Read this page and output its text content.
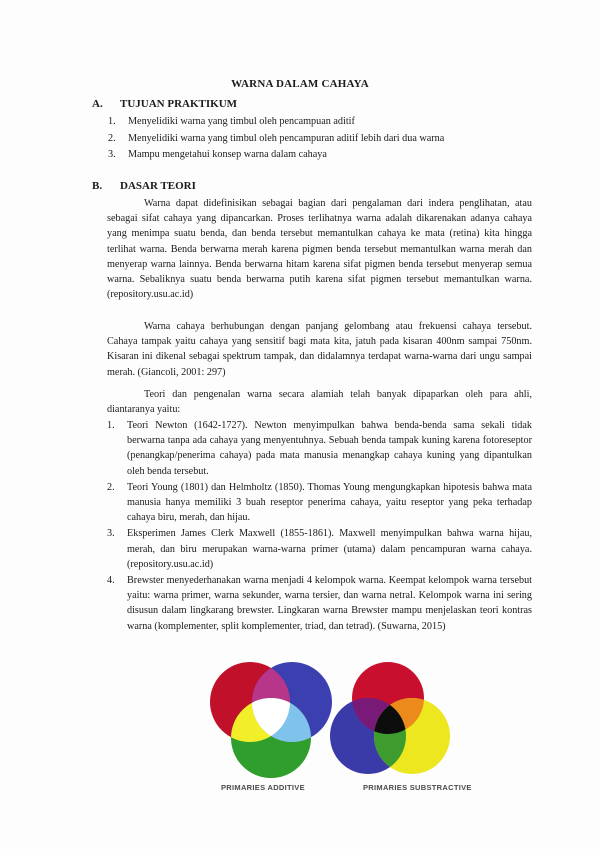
WARNA DALAM CAHAYA
A. TUJUAN PRAKTIKUM
1. Menyelidiki warna yang timbul oleh pencampuan aditif
2. Menyelidiki warna yang timbul oleh pencampuran aditif lebih dari dua warna
3. Mampu mengetahui konsep warna dalam cahaya
B. DASAR TEORI

Warna dapat didefinisikan sebagai bagian dari pengalaman dari indera penglihatan, atau sebagai sifat cahaya yang dipancarkan. Proses terlihatnya warna adalah dikarenakan adanya cahaya yang menimpa suatu benda, dan benda tersebut memantulkan cahaya ke mata (retina) kita hingga terlihat warna. Benda berwarna merah karena pigmen benda tersebut memantulkan warna merah dan menyerap warna lainnya. Benda berwarna hitam karena sifat pigmen benda tersebut menyerap semua warna. Sebaliknya suatu benda berwarna putih karena sifat pigmen tersebut memantulkan warna. (repository.usu.ac.id)

Warna cahaya berhubungan dengan panjang gelombang atau frekuensi cahaya tersebut. Cahaya tampak yaitu cahaya yang sensitif bagi mata kita, jatuh pada kisaran 400nm sampai 750nm. Kisaran ini dikenal sebagai spektrum tampak, dan didalamnya terdapat warna-warna dari ungu sampai merah. (Giancoli, 2001: 297)

Teori dan pengenalan warna secara alamiah telah banyak dipaparkan oleh para ahli, diantaranya yaitu:

1. Teori Newton (1642-1727). Newton menyimpulkan bahwa benda-benda sama sekali tidak berwarna tanpa ada cahaya yang menyentuhnya. Sebuah benda tampak kuning karena fotoreseptor (penangkap/penerima cahaya) pada mata manusia menangkap cahaya kuning yang dipantulkan oleh benda tersebut.
2. Teori Young (1801) dan Helmholtz (1850). Thomas Young mengungkapkan hipotesis bahwa mata manusia hanya memiliki 3 buah reseptor penerima cahaya, yaitu reseptor yang peka terhadap cahaya biru, merah, dan hijau.
3. Eksperimen James Clerk Maxwell (1855-1861). Maxwell menyimpulkan bahwa warna hijau, merah, dan biru merupakan warna-warna primer (utama) dalam pencampuran warna cahaya. (repository.usu.ac.id)
4. Brewster menyederhanakan warna menjadi 4 kelompok warna. Keempat kelompok warna tersebut yaitu: warna primer, warna sekunder, warna tersier, dan warna netral. Kelompok warna ini sering disusun dalam lingkarang brewster. Lingkaran warna Brewster mampu menjelaskan teori kontras warna (komplementer, split komplementer, triad, dan tetrad). (Suwarna, 2015)
PRIMARIES ADDITIVE	PRIMARIES SUBSTRACTIVE
